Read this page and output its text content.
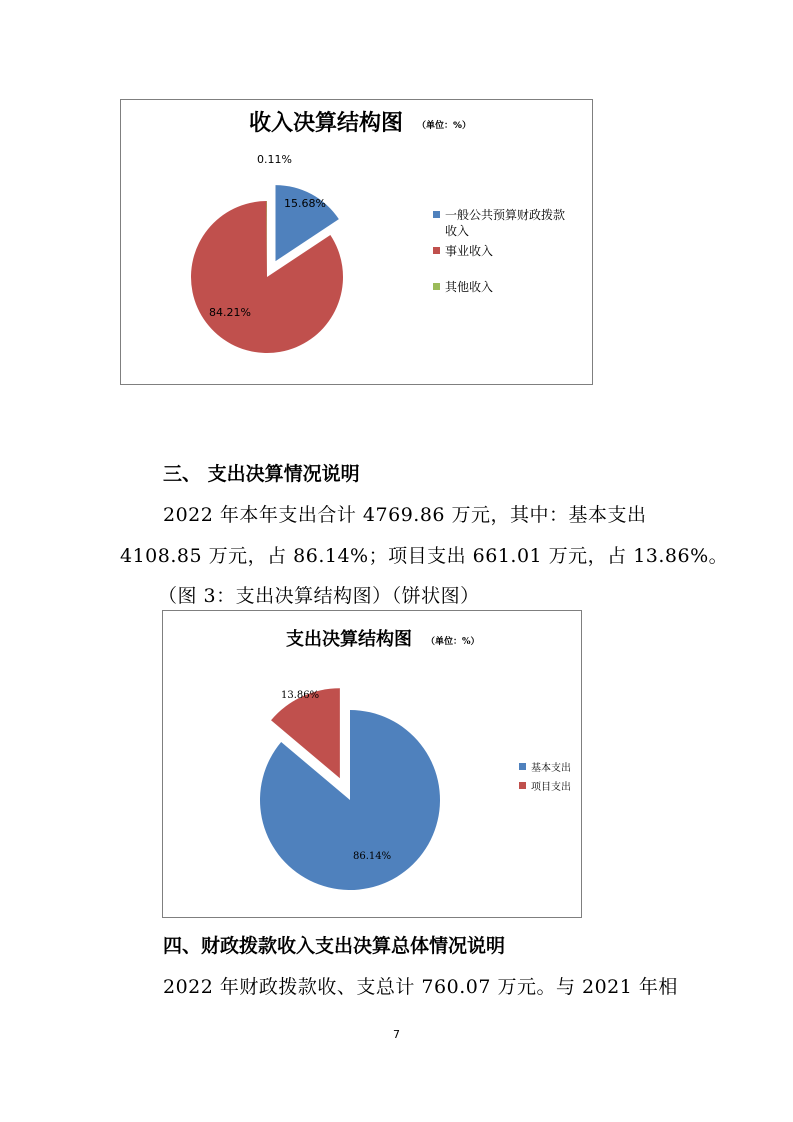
收入决算结构图 （单位：%）
15.68%
84.21%
0.11%
一般公共预算财政拨款
收入
事业收入
其他收入
三、 支出决算情况说明
2022 年本年支出合计 4769.86 万元，其中：基本支出
4108.85 万元，占 86.14%；项目支出 661.01 万元，占 13.86%。
（图 3：支出决算结构图）（饼状图）
支出决算结构图 （单位：%）
86.14%
13.86%
基本支出
项目支出
四、财政拨款收入支出决算总体情况说明
2022 年财政拨款收、支总计 760.07 万元。与 2021 年相
7
